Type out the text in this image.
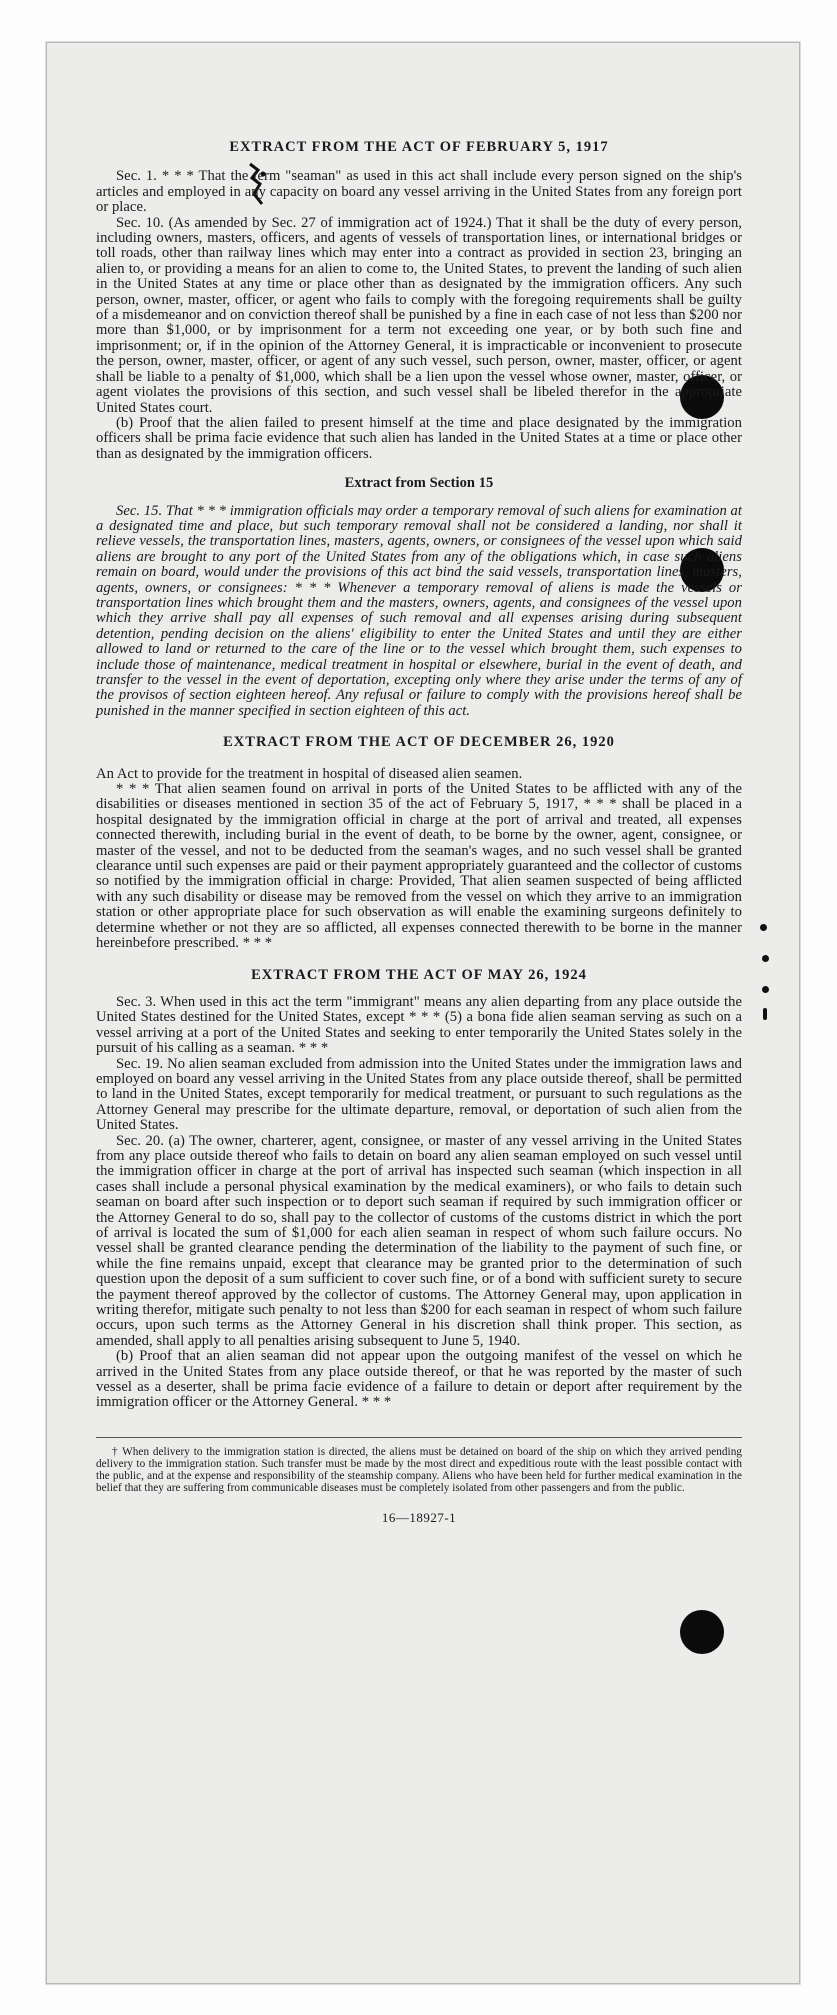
EXTRACT FROM THE ACT OF FEBRUARY 5, 1917

Sec. 1. * * * That the term "seaman" as used in this act shall include every person signed on the ship's articles and employed in any capacity on board any vessel arriving in the United States from any foreign port or place.

Sec. 10. (As amended by Sec. 27 of immigration act of 1924.) That it shall be the duty of every person, including owners, masters, officers, and agents of vessels of transportation lines, or international bridges or toll roads, other than railway lines which may enter into a contract as provided in section 23, bringing an alien to, or providing a means for an alien to come to, the United States, to prevent the landing of such alien in the United States at any time or place other than as designated by the immigration officers. Any such person, owner, master, officer, or agent who fails to comply with the foregoing requirements shall be guilty of a misdemeanor and on conviction thereof shall be punished by a fine in each case of not less than $200 nor more than $1,000, or by imprisonment for a term not exceeding one year, or by both such fine and imprisonment; or, if in the opinion of the Attorney General, it is impracticable or inconvenient to prosecute the person, owner, master, officer, or agent of any such vessel, such person, owner, master, officer, or agent shall be liable to a penalty of $1,000, which shall be a lien upon the vessel whose owner, master, officer, or agent violates the provisions of this section, and such vessel shall be libeled therefor in the appropriate United States court.

(b) Proof that the alien failed to present himself at the time and place designated by the immigration officers shall be prima facie evidence that such alien has landed in the United States at a time or place other than as designated by the immigration officers.

Extract from Section 15

Sec. 15. That * * * immigration officials may order a temporary removal of such aliens for examination at a designated time and place, but such temporary removal shall not be considered a landing, nor shall it relieve vessels, the transportation lines, masters, agents, owners, or consignees of the vessel upon which said aliens are brought to any port of the United States from any of the obligations which, in case such aliens remain on board, would under the provisions of this act bind the said vessels, transportation lines, masters, agents, owners, or consignees: * * * Whenever a temporary removal of aliens is made the vessels or transportation lines which brought them and the masters, owners, agents, and consignees of the vessel upon which they arrive shall pay all expenses of such removal and all expenses arising during subsequent detention, pending decision on the aliens' eligibility to enter the United States and until they are either allowed to land or returned to the care of the line or to the vessel which brought them, such expenses to include those of maintenance, medical treatment in hospital or elsewhere, burial in the event of death, and transfer to the vessel in the event of deportation, excepting only where they arise under the terms of any of the provisos of section eighteen hereof. Any refusal or failure to comply with the provisions hereof shall be punished in the manner specified in section eighteen of this act.

EXTRACT FROM THE ACT OF DECEMBER 26, 1920

An Act to provide for the treatment in hospital of diseased alien seamen.

* * * That alien seamen found on arrival in ports of the United States to be afflicted with any of the disabilities or diseases mentioned in section 35 of the act of February 5, 1917, * * * shall be placed in a hospital designated by the immigration official in charge at the port of arrival and treated, all expenses connected therewith, including burial in the event of death, to be borne by the owner, agent, consignee, or master of the vessel, and not to be deducted from the seaman's wages, and no such vessel shall be granted clearance until such expenses are paid or their payment appropriately guaranteed and the collector of customs so notified by the immigration official in charge: Provided, That alien seamen suspected of being afflicted with any such disability or disease may be removed from the vessel on which they arrive to an immigration station or other appropriate place for such observation as will enable the examining surgeons definitely to determine whether or not they are so afflicted, all expenses connected therewith to be borne in the manner hereinbefore prescribed. * * *

EXTRACT FROM THE ACT OF MAY 26, 1924

Sec. 3. When used in this act the term "immigrant" means any alien departing from any place outside the United States destined for the United States, except * * * (5) a bona fide alien seaman serving as such on a vessel arriving at a port of the United States and seeking to enter temporarily the United States solely in the pursuit of his calling as a seaman. * * *

Sec. 19. No alien seaman excluded from admission into the United States under the immigration laws and employed on board any vessel arriving in the United States from any place outside thereof, shall be permitted to land in the United States, except temporarily for medical treatment, or pursuant to such regulations as the Attorney General may prescribe for the ultimate departure, removal, or deportation of such alien from the United States.

Sec. 20. (a) The owner, charterer, agent, consignee, or master of any vessel arriving in the United States from any place outside thereof who fails to detain on board any alien seaman employed on such vessel until the immigration officer in charge at the port of arrival has inspected such seaman (which inspection in all cases shall include a personal physical examination by the medical examiners), or who fails to detain such seaman on board after such inspection or to deport such seaman if required by such immigration officer or the Attorney General to do so, shall pay to the collector of customs of the customs district in which the port of arrival is located the sum of $1,000 for each alien seaman in respect of whom such failure occurs. No vessel shall be granted clearance pending the determination of the liability to the payment of such fine, or while the fine remains unpaid, except that clearance may be granted prior to the determination of such question upon the deposit of a sum sufficient to cover such fine, or of a bond with sufficient surety to secure the payment thereof approved by the collector of customs. The Attorney General may, upon application in writing therefor, mitigate such penalty to not less than $200 for each seaman in respect of whom such failure occurs, upon such terms as the Attorney General in his discretion shall think proper. This section, as amended, shall apply to all penalties arising subsequent to June 5, 1940.

(b) Proof that an alien seaman did not appear upon the outgoing manifest of the vessel on which he arrived in the United States from any place outside thereof, or that he was reported by the master of such vessel as a deserter, shall be prima facie evidence of a failure to detain or deport after requirement by the immigration officer or the Attorney General. * * *

† When delivery to the immigration station is directed, the aliens must be detained on board of the ship on which they arrived pending delivery to the immigration station. Such transfer must be made by the most direct and expeditious route with the least possible contact with the public, and at the expense and responsibility of the steamship company. Aliens who have been held for further medical examination in the belief that they are suffering from communicable diseases must be completely isolated from other passengers and from the public.

16—18927-1
